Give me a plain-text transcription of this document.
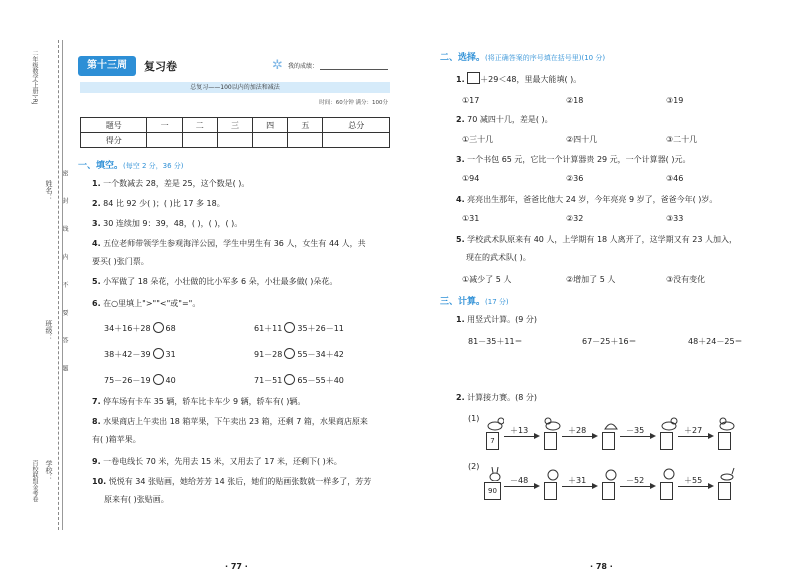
二年级数学(上册)·RJ
姓名：
班级：
学校：
密 封 线 内 不 要 答 题
百校联盟金考卷
第十三周	复习卷	✲ 我的成绩：
总复习——100以内的加法和减法
时间：60分钟 满分：100分
题号	一	二	三	四	五	总分
得分						
一、填空。(每空 2 分，36 分)
1. 一个数减去 28，差是 25，这个数是( )。
2. 84 比 92 少( )；( )比 17 多 18。
3. 30 连续加 9：39，48，( )，( )，( )。
4. 五位老师带领学生参观海洋公园，学生中男生有 36 人，女生有 44 人，共
要买( )张门票。
5. 小军做了 18 朵花，小壮做的比小军多 6 朵，小壮最多做( )朵花。
6. 在○里填上">""<"或"="。
34＋16＋28 68	61＋11 35＋26－11
38＋42－39 31	91－28 55－34＋42
75－26－19 40	71－51 65－55＋40
7. 停车场有卡车 35 辆，轿车比卡车少 9 辆，轿车有( )辆。
8. 水果商店上午卖出 18 箱苹果，下午卖出 23 箱，还剩 7 箱，水果商店原来
有( )箱苹果。
9. 一卷电线长 70 米，先用去 15 米，又用去了 17 米，还剩下( )米。
10. 悦悦有 34 张贴画，她给芳芳 14 张后，她们的贴画张数就一样多了，芳芳
原来有( )张贴画。
· 77 ·
二、选择。(将正确答案的序号填在括号里)(10 分)
1. ＋29＜48，里最大能填( )。
①17	②18	③19
2. 70 减四十几，差是( )。
①三十几	②四十几	③二十几
3. 一个书包 65 元，它比一个计算器贵 29 元，一个计算器( )元。
①94	②36	③46
4. 亮亮出生那年，爸爸比他大 24 岁，今年亮亮 9 岁了，爸爸今年( )岁。
①31	②32	③33
5. 学校武术队原来有 40 人，上学期有 18 人离开了，这学期又有 23 人加入，
现在的武术队( )。
①减少了 5 人	②增加了 5 人	③没有变化
三、计算。(17 分)
1. 用竖式计算。(9 分)
81－35＋11＝	67－25＋16＝	48＋24－25＝
2. 计算接力赛。(8 分)
(1)
7
＋13	＋28	－35	＋27
(2)
90
－48	＋31	－52	＋55
· 78 ·
